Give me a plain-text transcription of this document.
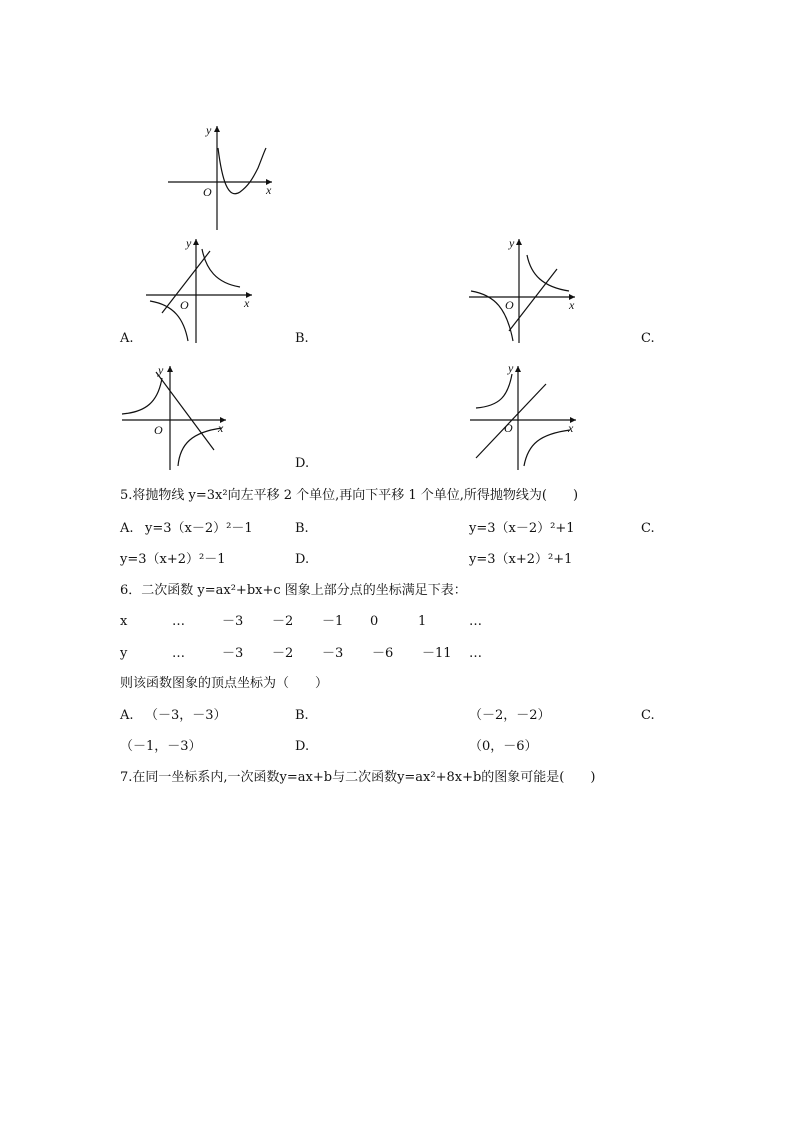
y
x
O
y
x
O
y
x
O
y
x
O
y
x
O
A.	B.	C.
D.
5.将抛物线 y=3x²向左平移 2 个单位,再向下平移 1 个单位,所得抛物线为(　　)
A. y=3（x－2）²－1	B.	y=3（x－2）²+1	C.
y=3（x+2）²－1	D.	y=3（x+2）²+1
6．二次函数 y=ax²+bx+c 图象上部分点的坐标满足下表：
x	…	－3 －2 －1 0	1	…
y	…	－3 －2 －3 －6 －11 …
则该函数图象的顶点坐标为（　　）
A. （－3，－3）	B.	（－2，－2）	C.
（－1，－3）	D.	（0，－6）
7.在同一坐标系内,一次函数y=ax+b与二次函数y=ax²+8x+b的图象可能是(　　)
